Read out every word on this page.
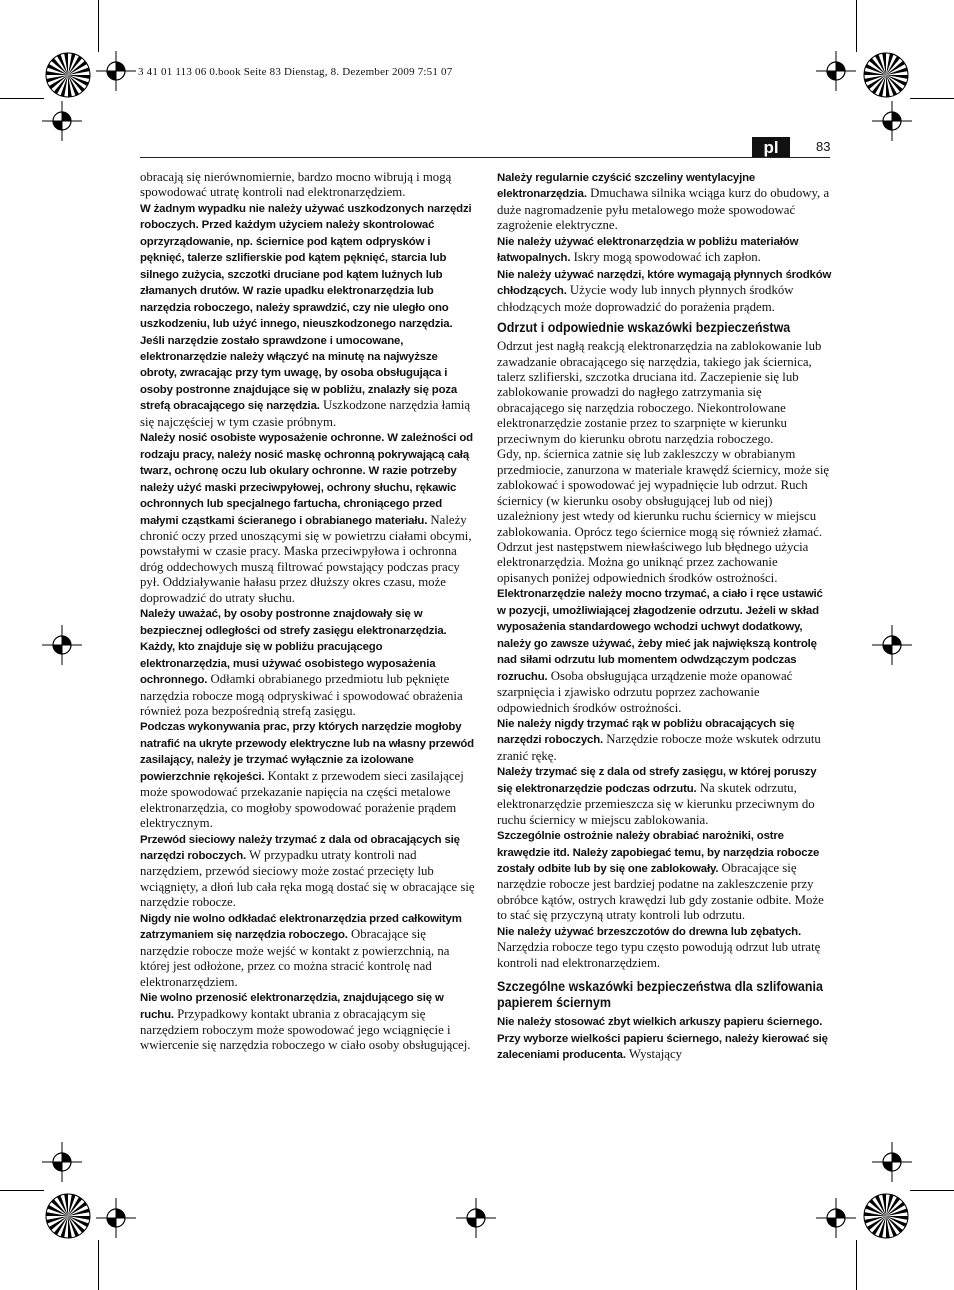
3 41 01 113 06 0.book Seite 83 Dienstag, 8. Dezember 2009 7:51 07
pl	83

obracają się nierównomiernie, bardzo mocno wibrują i mogą spowodować utratę kontroli nad elektronarzędziem.

W żadnym wypadku nie należy używać uszkodzonych narzędzi roboczych. Przed każdym użyciem należy skontrolować oprzyrządowanie, np. ściernice pod kątem odprysków i pęknięć, talerze szlifierskie pod kątem pęknięć, starcia lub silnego zużycia, szczotki druciane pod kątem luźnych lub złamanych drutów. W razie upadku elektronarzędzia lub narzędzia roboczego, należy sprawdzić, czy nie uległo ono uszkodzeniu, lub użyć innego, nieuszkodzonego narzędzia. Jeśli narzędzie zostało sprawdzone i umocowane, elektronarzędzie należy włączyć na minutę na najwyższe obroty, zwracając przy tym uwagę, by osoba obsługująca i osoby postronne znajdujące się w pobliżu, znalazły się poza strefą obracającego się narzędzia. Uszkodzone narzędzia łamią się najczęściej w tym czasie próbnym.

Należy nosić osobiste wyposażenie ochronne. W zależności od rodzaju pracy, należy nosić maskę ochronną pokrywającą całą twarz, ochronę oczu lub okulary ochronne. W razie potrzeby należy użyć maski przeciwpyłowej, ochrony słuchu, rękawic ochronnych lub specjalnego fartucha, chroniącego przed małymi cząstkami ścieranego i obrabianego materiału. Należy chronić oczy przed unoszącymi się w powietrzu ciałami obcymi, powstałymi w czasie pracy. Maska przeciwpyłowa i ochronna dróg oddechowych muszą filtrować powstający podczas pracy pył. Oddziaływanie hałasu przez dłuższy okres czasu, może doprowadzić do utraty słuchu.

Należy uważać, by osoby postronne znajdowały się w bezpiecznej odległości od strefy zasięgu elektronarzędzia. Każdy, kto znajduje się w pobliżu pracującego elektronarzędzia, musi używać osobistego wyposażenia ochronnego. Odłamki obrabianego przedmiotu lub pęknięte narzędzia robocze mogą odpryskiwać i spowodować obrażenia również poza bezpośrednią strefą zasięgu.

Podczas wykonywania prac, przy których narzędzie mogłoby natrafić na ukryte przewody elektryczne lub na własny przewód zasilający, należy je trzymać wyłącznie za izolowane powierzchnie rękojeści. Kontakt z przewodem sieci zasilającej może spowodować przekazanie napięcia na części metalowe elektronarzędzia, co mogłoby spowodować porażenie prądem elektrycznym.

Przewód sieciowy należy trzymać z dala od obracających się narzędzi roboczych. W przypadku utraty kontroli nad narzędziem, przewód sieciowy może zostać przecięty lub wciągnięty, a dłoń lub cała ręka mogą dostać się w obracające się narzędzie robocze.

Nigdy nie wolno odkładać elektronarzędzia przed całkowitym zatrzymaniem się narzędzia roboczego. Obracające się narzędzie robocze może wejść w kontakt z powierzchnią, na której jest odłożone, przez co można stracić kontrolę nad elektronarzędziem.

Nie wolno przenosić elektronarzędzia, znajdującego się w ruchu. Przypadkowy kontakt ubrania z obracającym się narzędziem roboczym może spowodować jego wciągnięcie i wwiercenie się narzędzia roboczego w ciało osoby obsługującej.

Należy regularnie czyścić szczeliny wentylacyjne elektronarzędzia. Dmuchawa silnika wciąga kurz do obudowy, a duże nagromadzenie pyłu metalowego może spowodować zagrożenie elektryczne.

Nie należy używać elektronarzędzia w pobliżu materiałów łatwopalnych. Iskry mogą spowodować ich zapłon.

Nie należy używać narzędzi, które wymagają płynnych środków chłodzących. Użycie wody lub innych płynnych środków chłodzących może doprowadzić do porażenia prądem.

Odrzut i odpowiednie wskazówki bezpieczeństwa

Odrzut jest nagłą reakcją elektronarzędzia na zablokowanie lub zawadzanie obracającego się narzędzia, takiego jak ściernica, talerz szlifierski, szczotka druciana itd. Zaczepienie się lub zablokowanie prowadzi do nagłego zatrzymania się obracającego się narzędzia roboczego. Niekontrolowane elektronarzędzie zostanie przez to szarpnięte w kierunku przeciwnym do kierunku obrotu narzędzia roboczego.

Gdy, np. ściernica zatnie się lub zakleszczy w obrabianym przedmiocie, zanurzona w materiale krawędź ściernicy, może się zablokować i spowodować jej wypadnięcie lub odrzut. Ruch ściernicy (w kierunku osoby obsługującej lub od niej) uzależniony jest wtedy od kierunku ruchu ściernicy w miejscu zablokowania. Oprócz tego ściernice mogą się również złamać.

Odrzut jest następstwem niewłaściwego lub błędnego użycia elektronarzędzia. Można go uniknąć przez zachowanie opisanych poniżej odpowiednich środków ostrożności.

Elektronarzędzie należy mocno trzymać, a ciało i ręce ustawić w pozycji, umożliwiającej złagodzenie odrzutu. Jeżeli w skład wyposażenia standardowego wchodzi uchwyt dodatkowy, należy go zawsze używać, żeby mieć jak największą kontrolę nad siłami odrzutu lub momentem odwdzączym podczas rozruchu. Osoba obsługująca urządzenie może opanować szarpnięcia i zjawisko odrzutu poprzez zachowanie odpowiednich środków ostrożności.

Nie należy nigdy trzymać rąk w pobliżu obracających się narzędzi roboczych. Narzędzie robocze może wskutek odrzutu zranić rękę.

Należy trzymać się z dala od strefy zasięgu, w której poruszy się elektronarzędzie podczas odrzutu. Na skutek odrzutu, elektronarzędzie przemieszcza się w kierunku przeciwnym do ruchu ściernicy w miejscu zablokowania.

Szczególnie ostrożnie należy obrabiać narożniki, ostre krawędzie itd. Należy zapobiegać temu, by narzędzia robocze zostały odbite lub by się one zablokowały. Obracające się narzędzie robocze jest bardziej podatne na zakleszczenie przy obróbce kątów, ostrych krawędzi lub gdy zostanie odbite. Może to stać się przyczyną utraty kontroli lub odrzutu.

Nie należy używać brzeszczotów do drewna lub zębatych. Narzędzia robocze tego typu często powodują odrzut lub utratę kontroli nad elektronarzędziem.

Szczególne wskazówki bezpieczeństwa dla szlifowania papierem ściernym

Nie należy stosować zbyt wielkich arkuszy papieru ściernego. Przy wyborze wielkości papieru ściernego, należy kierować się zaleceniami producenta. Wystający
